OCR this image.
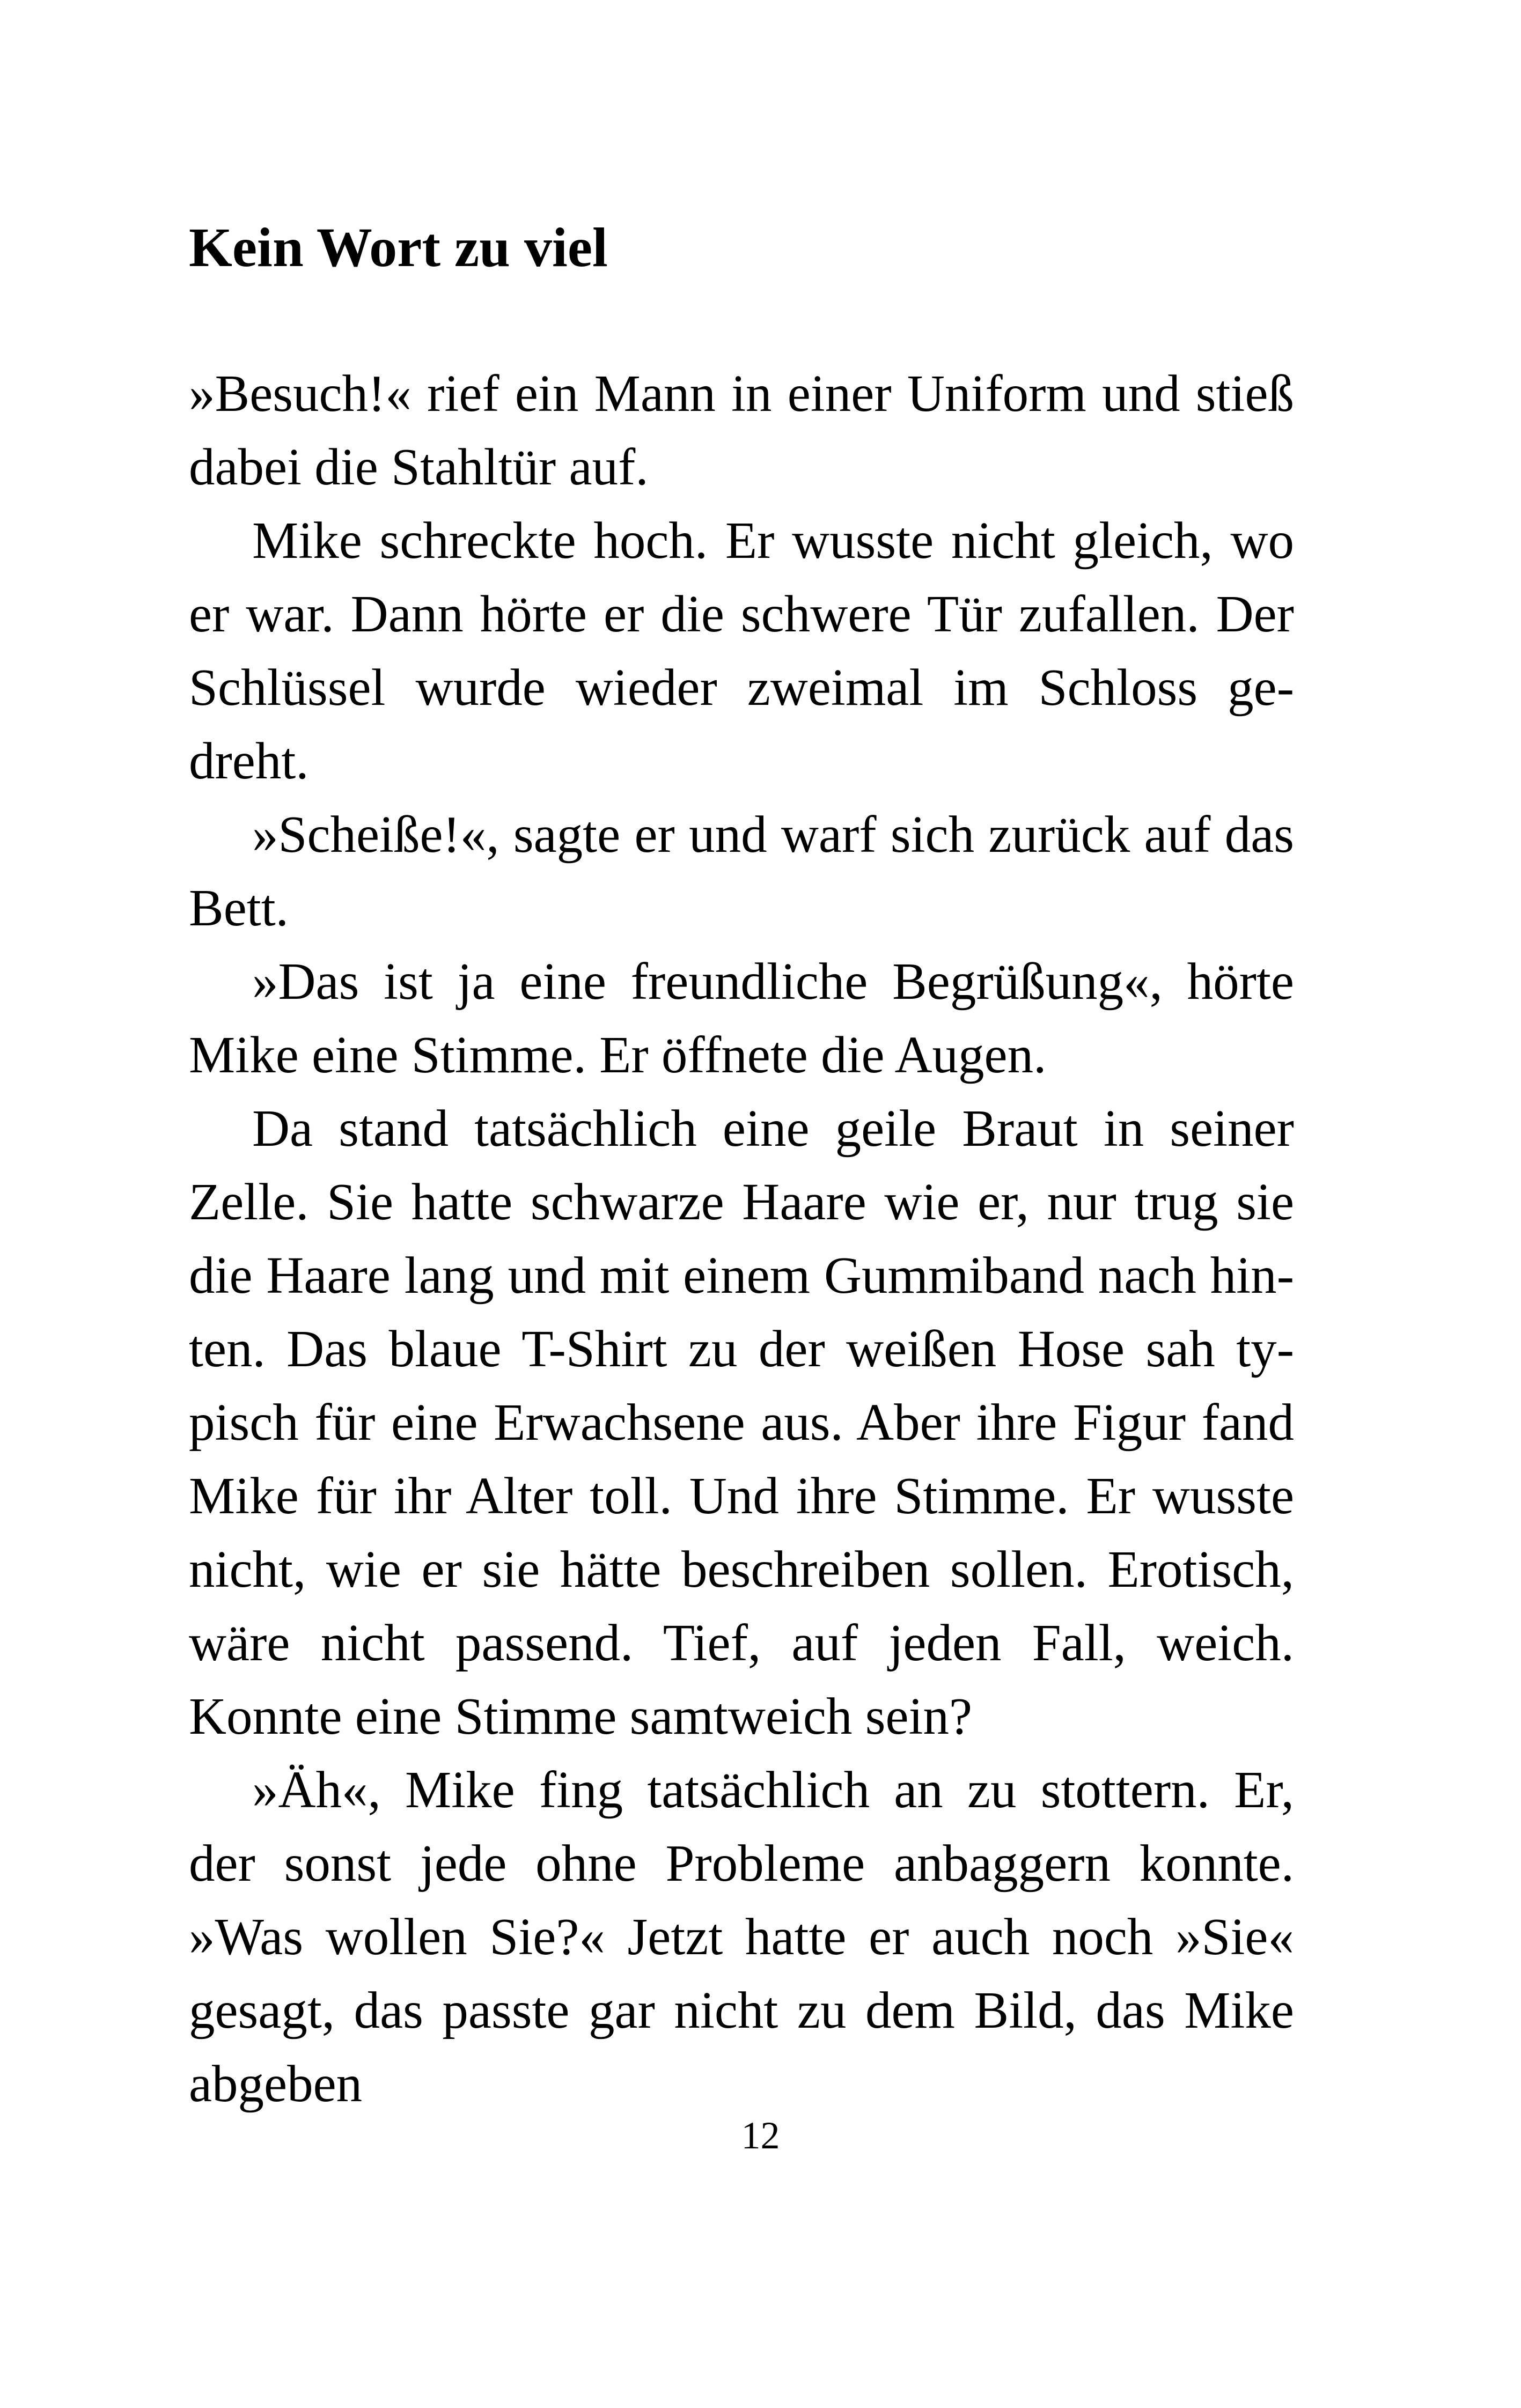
Kein Wort zu viel

»Besuch!« rief ein Mann in einer Uniform und stieß dabei die Stahltür auf.

Mike schreckte hoch. Er wusste nicht gleich, wo er war. Dann hörte er die schwere Tür zufallen. Der Schlüssel wurde wieder zweimal im Schloss gedreht.

»Scheiße!«, sagte er und warf sich zurück auf das Bett.

»Das ist ja eine freundliche Begrüßung«, hörte Mike eine Stimme. Er öffnete die Augen.

Da stand tatsächlich eine geile Braut in seiner Zelle. Sie hatte schwarze Haare wie er, nur trug sie die Haare lang und mit einem Gummiband nach hinten. Das blaue T-Shirt zu der weißen Hose sah typisch für eine Erwachsene aus. Aber ihre Figur fand Mike für ihr Alter toll. Und ihre Stimme. Er wusste nicht, wie er sie hätte beschreiben sollen. Erotisch, wäre nicht passend. Tief, auf jeden Fall, weich. Konnte eine Stimme samtweich sein?

»Äh«, Mike fing tatsächlich an zu stottern. Er, der sonst jede ohne Probleme anbaggern konnte. »Was wollen Sie?« Jetzt hatte er auch noch »Sie« gesagt, das passte gar nicht zu dem Bild, das Mike abgeben

12
